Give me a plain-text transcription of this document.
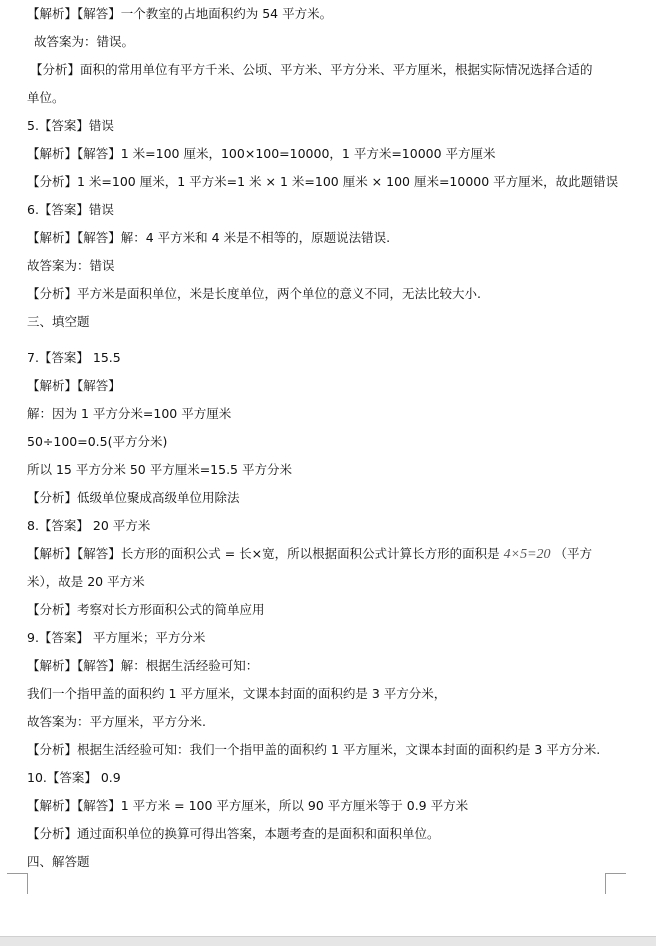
【解析】【解答】一个教室的占地面积约为 54 平方米。
故答案为：错误。
【分析】面积的常用单位有平方千米、公顷、平方米、平方分米、平方厘米，根据实际情况选择合适的
单位。
5.【答案】错误
【解析】【解答】1 米=100 厘米，100×100=10000，1 平方米=10000 平方厘米
【分析】1 米=100 厘米，1 平方米=1 米 × 1 米=100 厘米 × 100 厘米=10000 平方厘米，故此题错误
6.【答案】错误
【解析】【解答】解：4 平方米和 4 米是不相等的，原题说法错误.
故答案为：错误
【分析】平方米是面积单位，米是长度单位，两个单位的意义不同，无法比较大小.
三、填空题
7.【答案】 15.5
【解析】【解答】
解：因为 1 平方分米=100 平方厘米
50÷100=0.5(平方分米)
所以 15 平方分米 50 平方厘米=15.5 平方分米
【分析】低级单位聚成高级单位用除法
8.【答案】 20 平方米
【解析】【解答】长方形的面积公式 = 长×宽，所以根据面积公式计算长方形的面积是 4×5=20 （平方
米），故是 20 平方米
【分析】考察对长方形面积公式的简单应用
9.【答案】 平方厘米；平方分米
【解析】【解答】解：根据生活经验可知：
我们一个指甲盖的面积约 1 平方厘米，文课本封面的面积约是 3 平方分米，
故答案为：平方厘米，平方分米.
【分析】根据生活经验可知：我们一个指甲盖的面积约 1 平方厘米，文课本封面的面积约是 3 平方分米.
10.【答案】 0.9
【解析】【解答】1 平方米 = 100 平方厘米，所以 90 平方厘米等于 0.9 平方米
【分析】通过面积单位的换算可得出答案，本题考查的是面积和面积单位。
四、解答题
